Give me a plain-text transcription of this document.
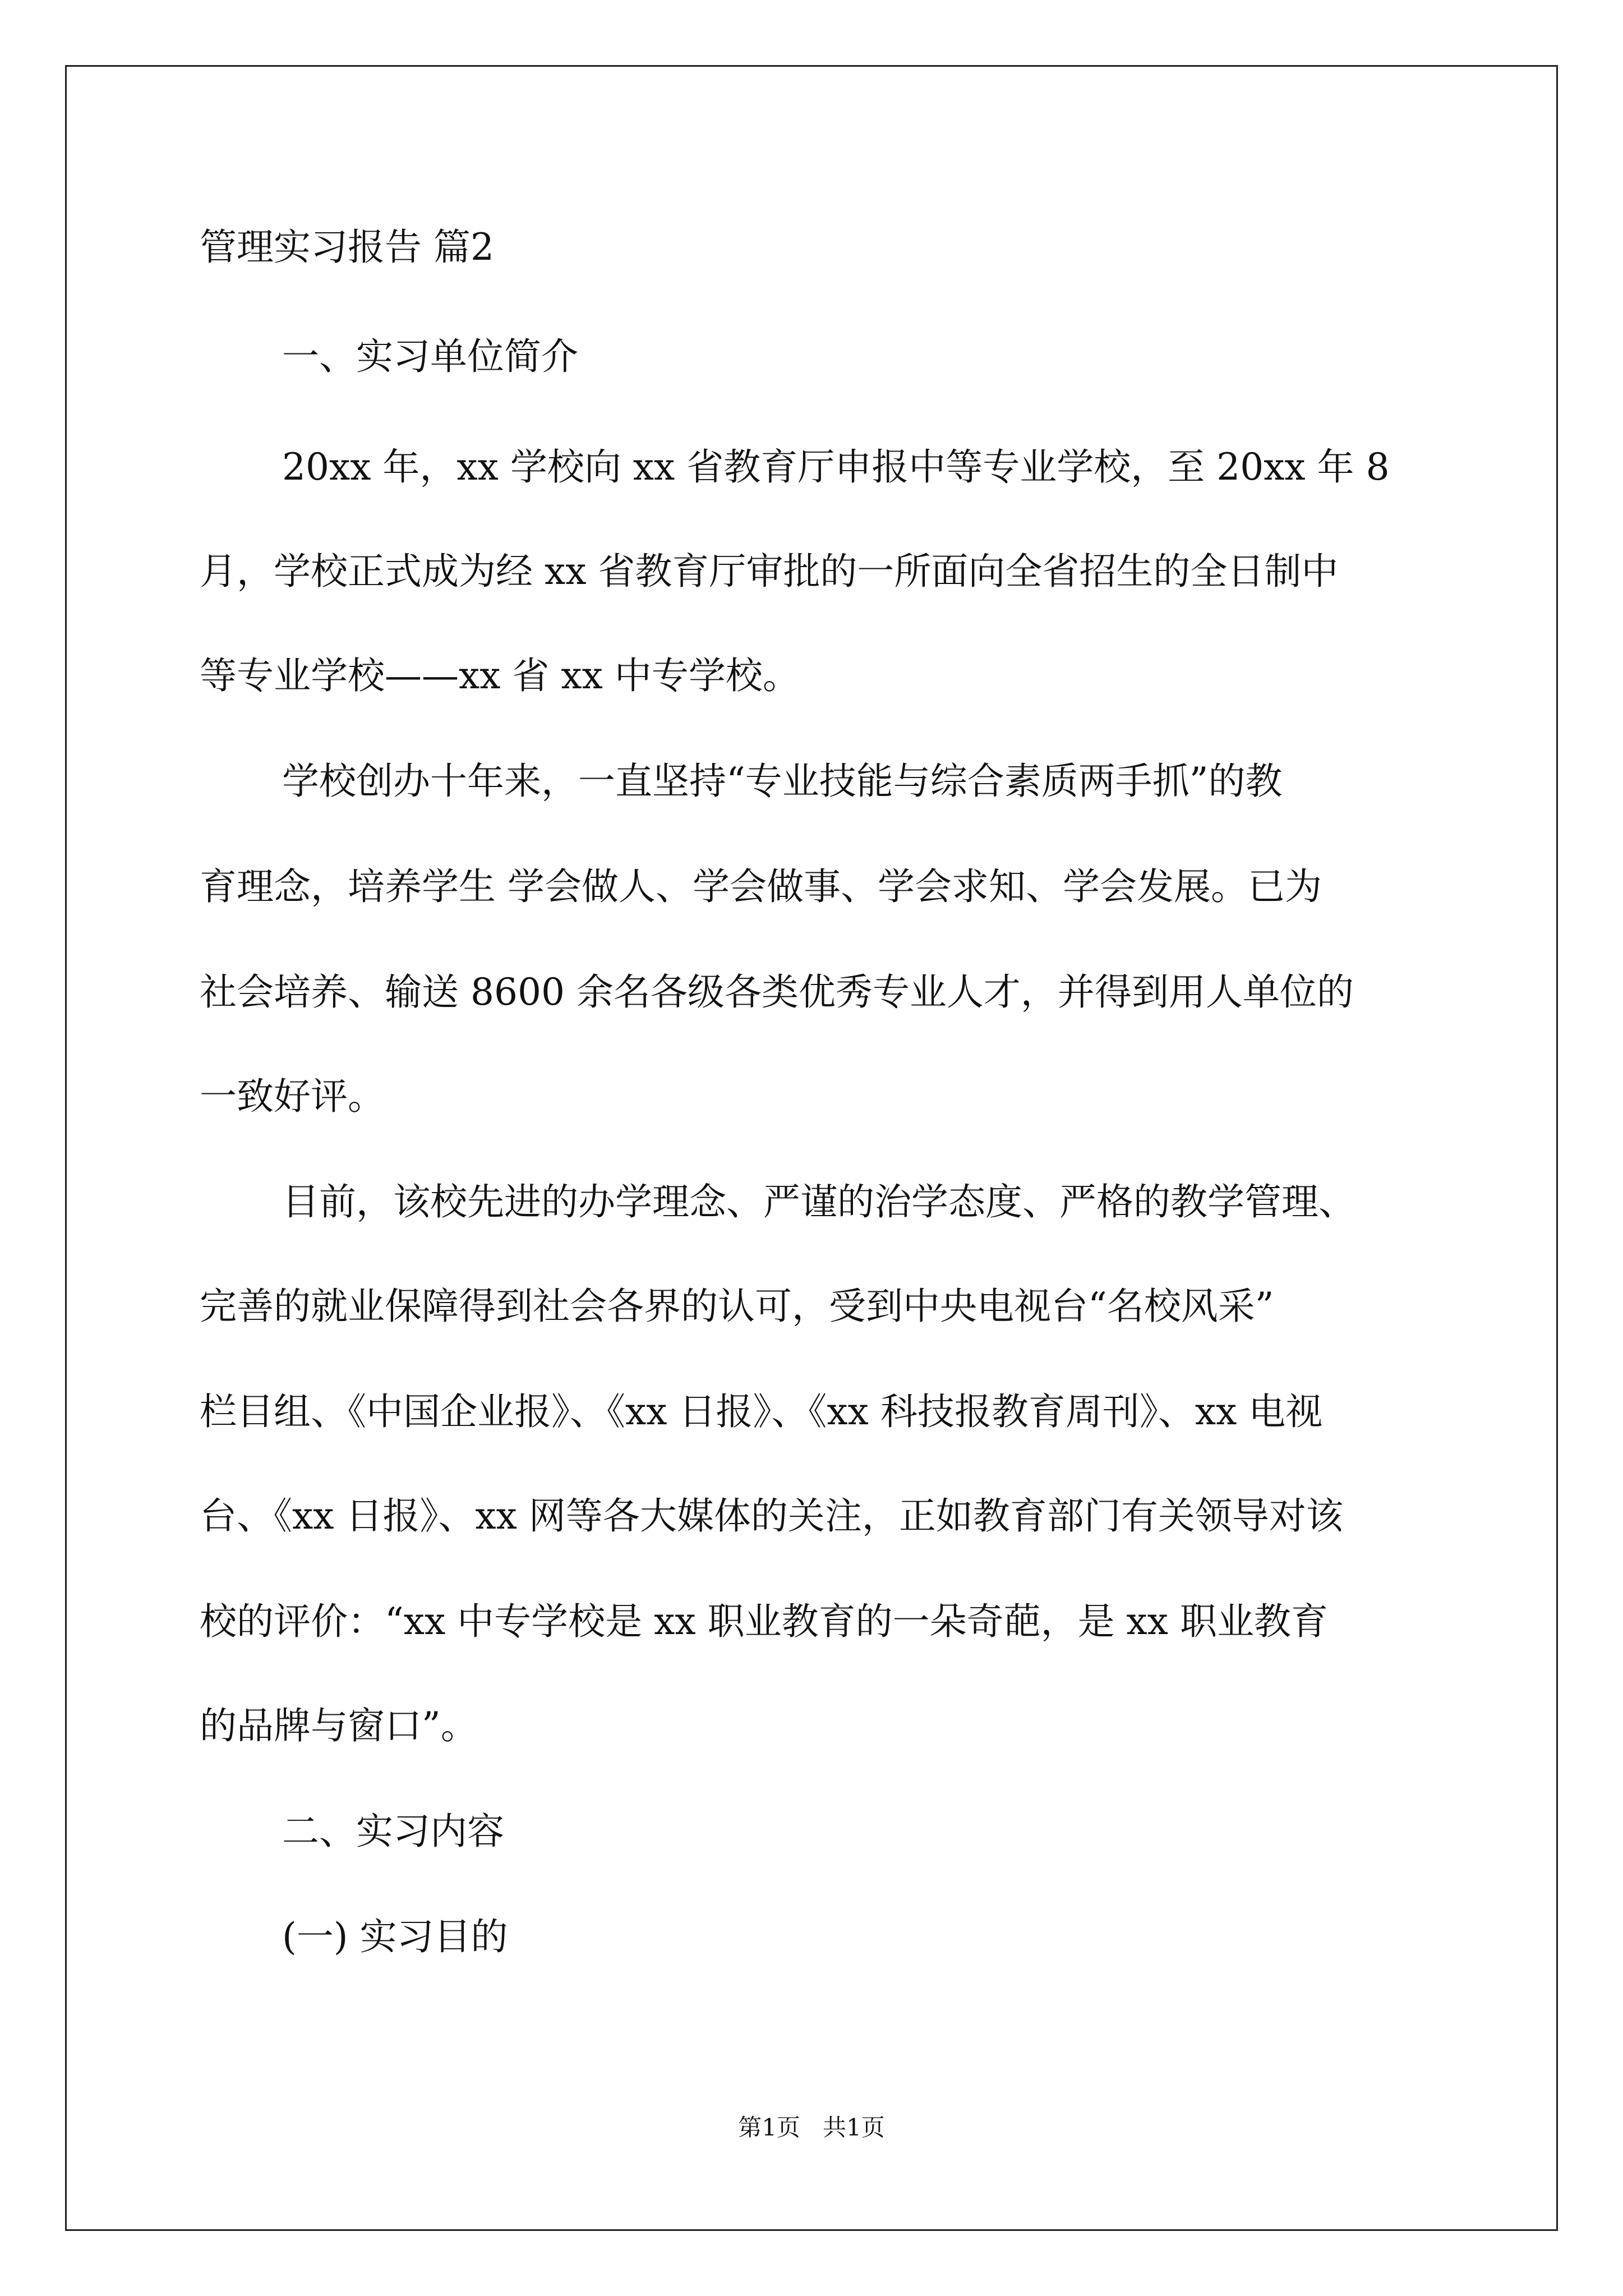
管理实习报告 篇2

一、实习单位简介

20xx 年，xx 学校向 xx 省教育厅申报中等专业学校，至 20xx 年 8

月，学校正式成为经 xx 省教育厅审批的一所面向全省招生的全日制中

等专业学校——xx 省 xx 中专学校。

学校创办十年来，一直坚持“专业技能与综合素质两手抓”的教

育理念，培养学生 学会做人、学会做事、学会求知、学会发展。已为

社会培养、输送 8600 余名各级各类优秀专业人才，并得到用人单位的

一致好评。

目前，该校先进的办学理念、严谨的治学态度、严格的教学管理、

完善的就业保障得到社会各界的认可，受到中央电视台“名校风采”

栏目组、《中国企业报》、《xx 日报》、《xx 科技报教育周刊》、xx 电视

台、《xx 日报》、xx 网等各大媒体的关注，正如教育部门有关领导对该

校的评价：“xx 中专学校是 xx 职业教育的一朵奇葩，是 xx 职业教育

的品牌与窗口”。

二、实习内容

(一) 实习目的

第1页   共1页
